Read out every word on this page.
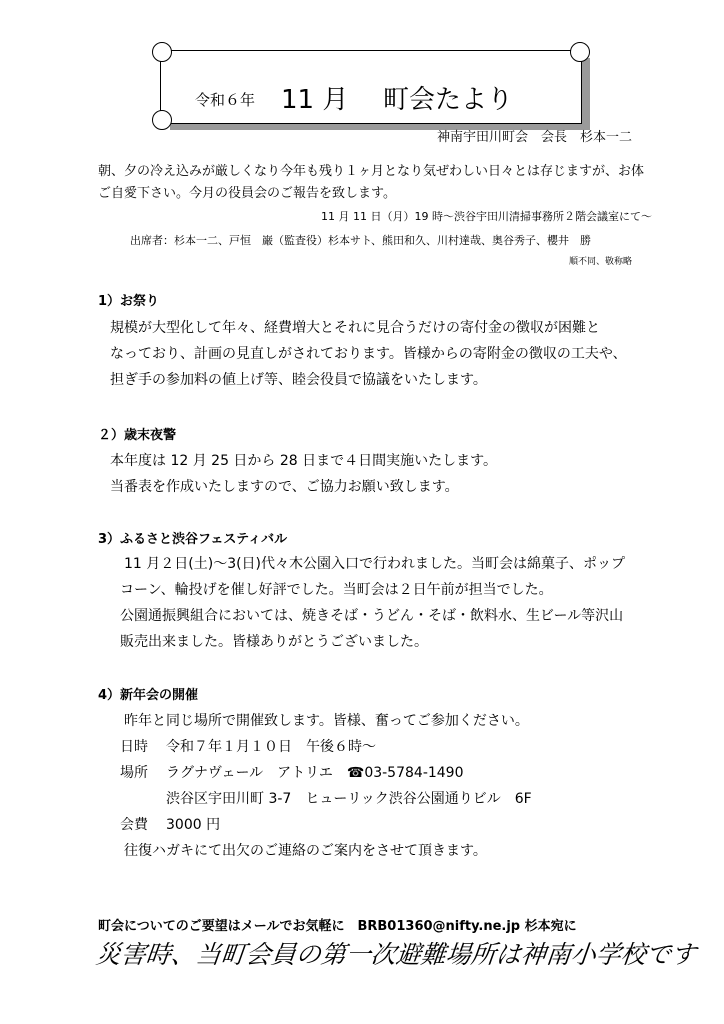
令和６年 11 月 町会たより
神南宇田川町会　会長　杉本一二
朝、夕の冷え込みが厳しくなり今年も残り１ヶ月となり気ぜわしい日々とは存じますが、お体
ご自愛下さい。今月の役員会のご報告を致します。
11 月 11 日（月）19 時～渋谷宇田川清掃事務所２階会議室にて～
出席者：杉本一二、戸恒　巌（監査役）杉本サト、熊田和久、川村達哉、奥谷秀子、櫻井　勝
順不同、敬称略
1）お祭り
規模が大型化して年々、経費増大とそれに見合うだけの寄付金の徴収が困難と
なっており、計画の見直しがされております。皆様からの寄附金の徴収の工夫や、
担ぎ手の参加料の値上げ等、睦会役員で協議をいたします。
２）歳末夜警
本年度は 12 月 25 日から 28 日まで４日間実施いたします。
当番表を作成いたしますので、ご協力お願い致します。
3）ふるさと渋谷フェスティバル
11 月２日(土)～3(日)代々木公園入口で行われました。当町会は綿菓子、ポップ
コーン、輪投げを催し好評でした。当町会は２日午前が担当でした。
公園通振興組合においては、焼きそば・うどん・そば・飲料水、生ビール等沢山
販売出来ました。皆様ありがとうございました。
4）新年会の開催
昨年と同じ場所で開催致します。皆様、奮ってご参加ください。
日時 令和７年１月１０日　午後６時～
場所 ラグナヴェール　アトリエ　☎03-5784-1490
渋谷区宇田川町 3-7　ヒューリック渋谷公園通りビル　6F
会費 3000 円
往復ハガキにて出欠のご連絡のご案内をさせて頂きます。
町会についてのご要望はメールでお気軽に　BRB01360@nifty.ne.jp 杉本宛に
災害時、当町会員の第一次避難場所は神南小学校です
